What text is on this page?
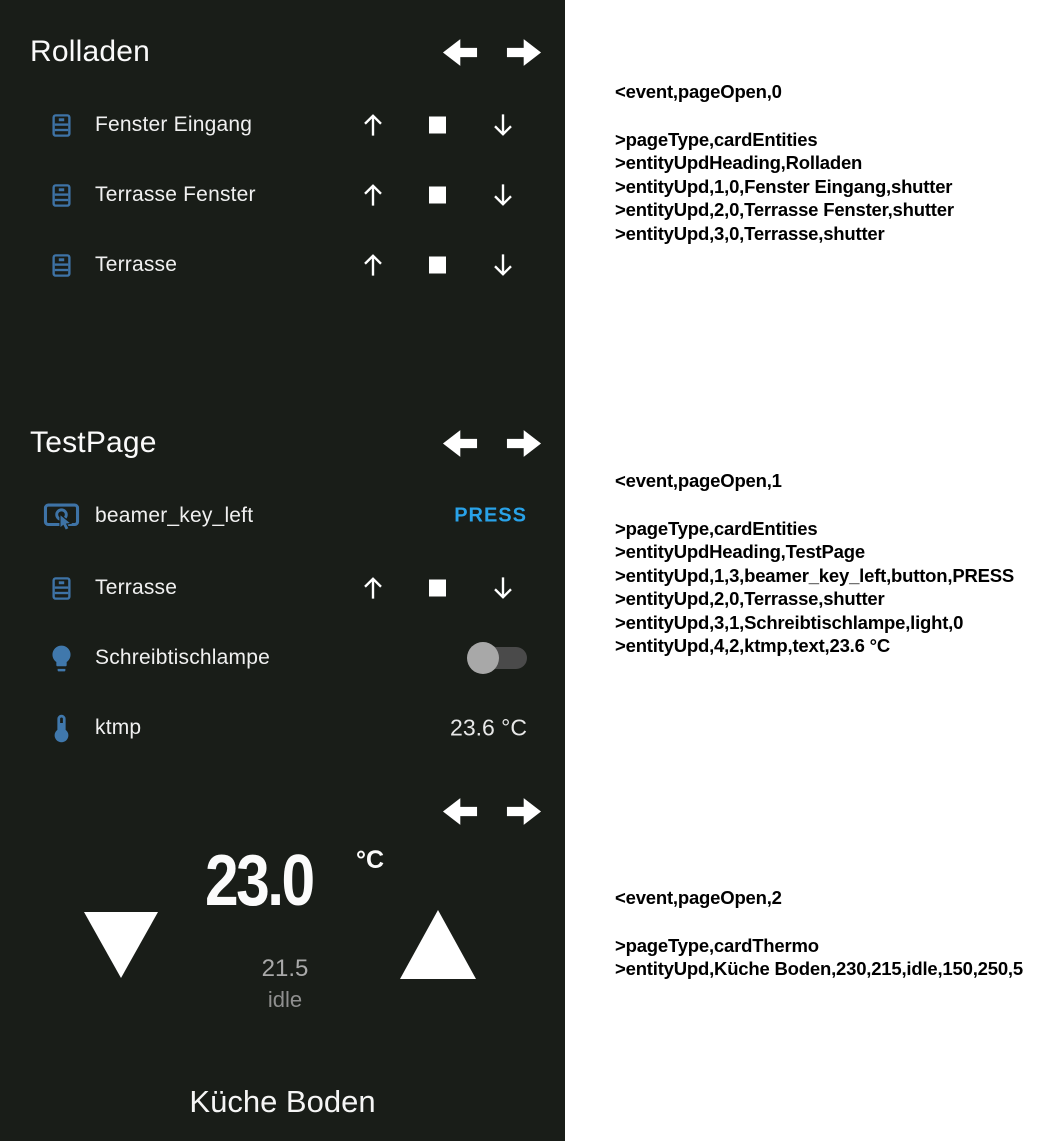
Rolladen
Fenster Eingang
Terrasse Fenster
Terrasse
TestPage
beamer_key_left	PRESS
Terrasse
Schreibtischlampe
ktmp	23.6 °C
23.0 °C
21.5
idle
Küche Boden
<event,pageOpen,0
>pageType,cardEntities
>entityUpdHeading,Rolladen
>entityUpd,1,0,Fenster Eingang,shutter
>entityUpd,2,0,Terrasse Fenster,shutter
>entityUpd,3,0,Terrasse,shutter
<event,pageOpen,1
>pageType,cardEntities
>entityUpdHeading,TestPage
>entityUpd,1,3,beamer_key_left,button,PRESS
>entityUpd,2,0,Terrasse,shutter
>entityUpd,3,1,Schreibtischlampe,light,0
>entityUpd,4,2,ktmp,text,23.6 °C
<event,pageOpen,2
>pageType,cardThermo
>entityUpd,Küche Boden,230,215,idle,150,250,5
